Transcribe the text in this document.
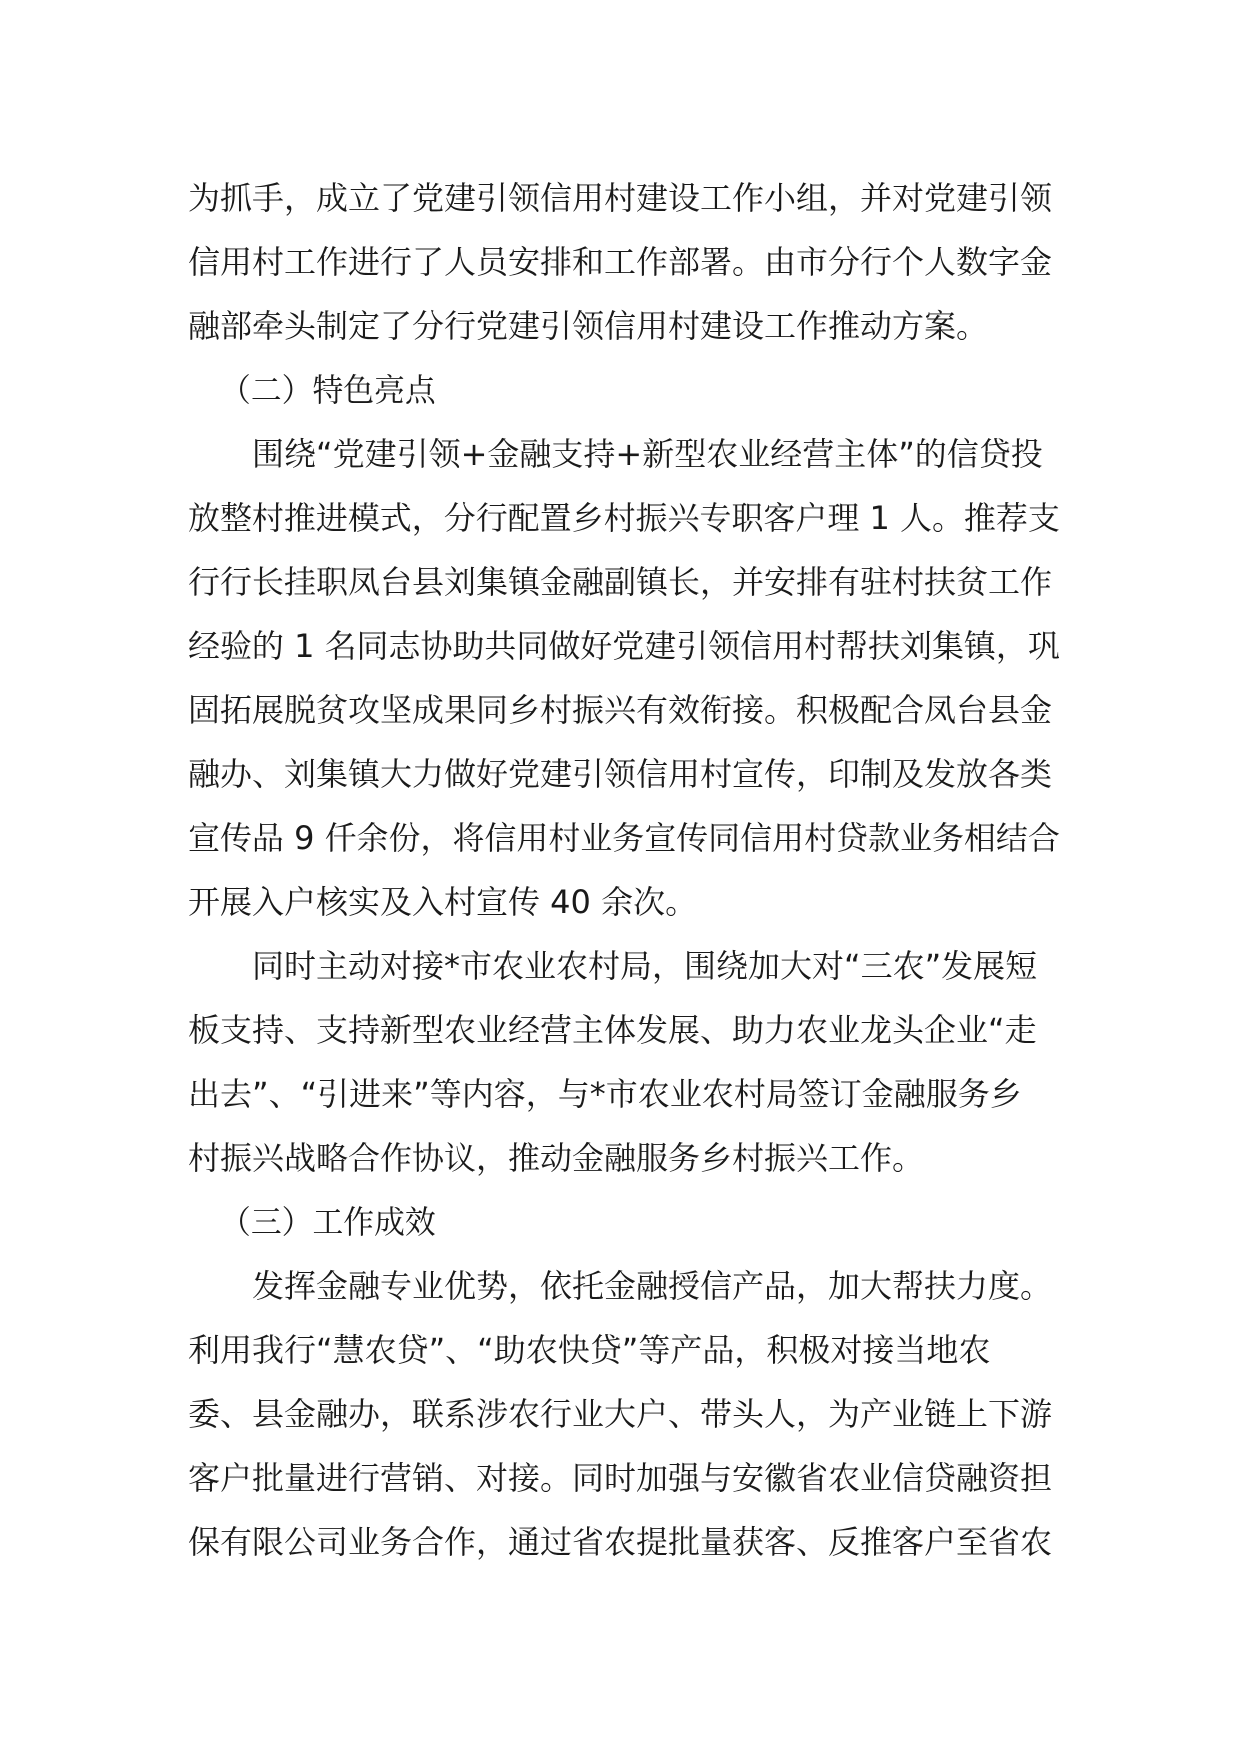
为抓手，成立了党建引领信用村建设工作小组，并对党建引领
信用村工作进行了人员安排和工作部署。由市分行个人数字金
融部牵头制定了分行党建引领信用村建设工作推动方案。
（二）特色亮点
围绕“党建引领+金融支持+新型农业经营主体”的信贷投
放整村推进模式，分行配置乡村振兴专职客户理 1 人。推荐支
行行长挂职凤台县刘集镇金融副镇长，并安排有驻村扶贫工作
经验的 1 名同志协助共同做好党建引领信用村帮扶刘集镇，巩
固拓展脱贫攻坚成果同乡村振兴有效衔接。积极配合凤台县金
融办、刘集镇大力做好党建引领信用村宣传，印制及发放各类
宣传品 9 仟余份，将信用村业务宣传同信用村贷款业务相结合
开展入户核实及入村宣传 40 余次。
同时主动对接*市农业农村局，围绕加大对“三农”发展短
板支持、支持新型农业经营主体发展、助力农业龙头企业“走
出去”、“引进来”等内容，与*市农业农村局签订金融服务乡
村振兴战略合作协议，推动金融服务乡村振兴工作。
（三）工作成效
发挥金融专业优势，依托金融授信产品，加大帮扶力度。
利用我行“慧农贷”、“助农快贷”等产品，积极对接当地农
委、县金融办，联系涉农行业大户、带头人，为产业链上下游
客户批量进行营销、对接。同时加强与安徽省农业信贷融资担
保有限公司业务合作，通过省农提批量获客、反推客户至省农
